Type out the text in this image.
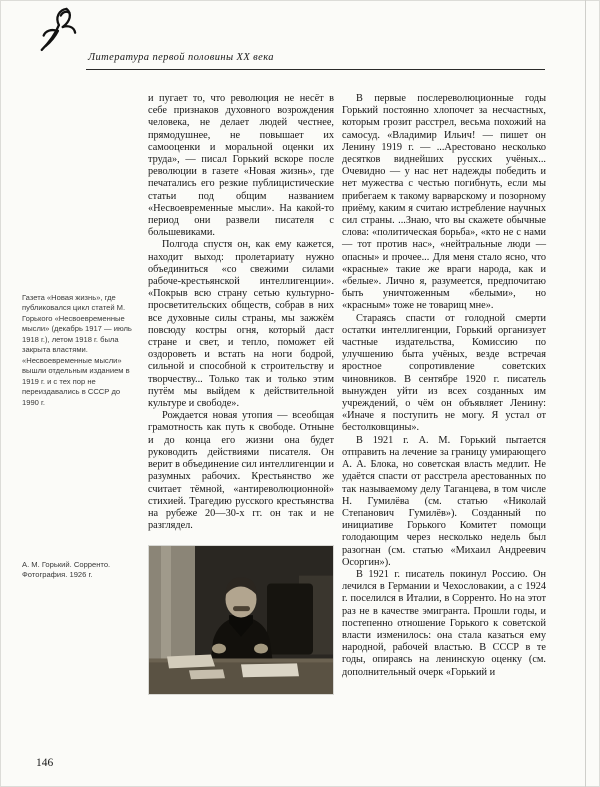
Литература первой половины XX века
Газета «Новая жизнь», где публиковался цикл статей М. Горького «Несвоевременные мысли» (декабрь 1917 — июль 1918 г.), летом 1918 г. была закрыта властями. «Несвоевременные мысли» вышли отдельным изданием в 1919 г. и с тех пор не переиздавались в СССР до 1990 г.
А. М. Горький. Сорренто. Фотография. 1926 г.

и пугает то, что революция не несёт в себе признаков духовного возрождения человека, не делает людей честнее, прямодушнее, не повышает их самооценки и моральной оценки их труда», — писал Горький вскоре после революции в газете «Новая жизнь», где печатались его резкие публицистические статьи под общим названием «Несвоевременные мысли». На какой-то период они развели писателя с большевиками.

Полгода спустя он, как ему кажется, находит выход: пролетариату нужно объединиться «со свежими силами рабоче-крестьянской интеллигенции». «Покрыв всю страну сетью культурно-просветительских обществ, собрав в них все духовные силы страны, мы зажжём повсюду костры огня, который даст стране и свет, и тепло, поможет ей оздороветь и встать на ноги бодрой, сильной и способной к строительству и творчеству... Только так и только этим путём мы выйдем к действительной культуре и свободе».

Рождается новая утопия — всеобщая грамотность как путь к свободе. Отныне и до конца его жизни она будет руководить действиями писателя. Он верит в объединение сил интеллигенции и разумных рабочих. Крестьянство же считает тёмной, «антиреволюционной» стихией. Трагедию русского крестьянства на рубеже 20—30-х гг. он так и не разглядел.

В первые послереволюционные годы Горький постоянно хлопочет за несчастных, которым грозит расстрел, весьма похожий на самосуд. «Владимир Ильич! — пишет он Ленину 1919 г. — ...Арестовано несколько десятков виднейших русских учёных... Очевидно — у нас нет надежды победить и нет мужества с честью погибнуть, если мы прибегаем к такому варварскому и позорному приёму, каким я считаю истребление научных сил страны. ...Знаю, что вы скажете обычные слова: «политическая борьба», «кто не с нами — тот против нас», «нейтральные люди — опасны» и прочее... Для меня стало ясно, что «красные» такие же враги народа, как и «белые». Лично я, разумеется, предпочитаю быть уничтоженным «белыми», но «красным» тоже не товарищ мне».

Стараясь спасти от голодной смерти остатки интеллигенции, Горький организует частные издательства, Комиссию по улучшению быта учёных, везде встречая яростное сопротивление советских чиновников. В сентябре 1920 г. писатель вынужден уйти из всех созданных им учреждений, о чём он объявляет Ленину: «Иначе я поступить не могу. Я устал от бестолковщины».

В 1921 г. А. М. Горький пытается отправить на лечение за границу умирающего А. А. Блока, но советская власть медлит. Не удаётся спасти от расстрела арестованных по так называемому делу Таганцева, в том числе Н. Гумилёва (см. статью «Николай Степанович Гумилёв»). Созданный по инициативе Горького Комитет помощи голодающим через несколько недель был разогнан (см. статью «Михаил Андреевич Осоргин»).

В 1921 г. писатель покинул Россию. Он лечился в Германии и Чехословакии, а с 1924 г. поселился в Италии, в Сорренто. Но на этот раз не в качестве эмигранта. Прошли годы, и постепенно отношение Горького к советской власти изменилось: она стала казаться ему народной, рабочей властью. В СССР в те годы, опираясь на ленинскую оценку (см. дополнительный очерк «Горький и

146
